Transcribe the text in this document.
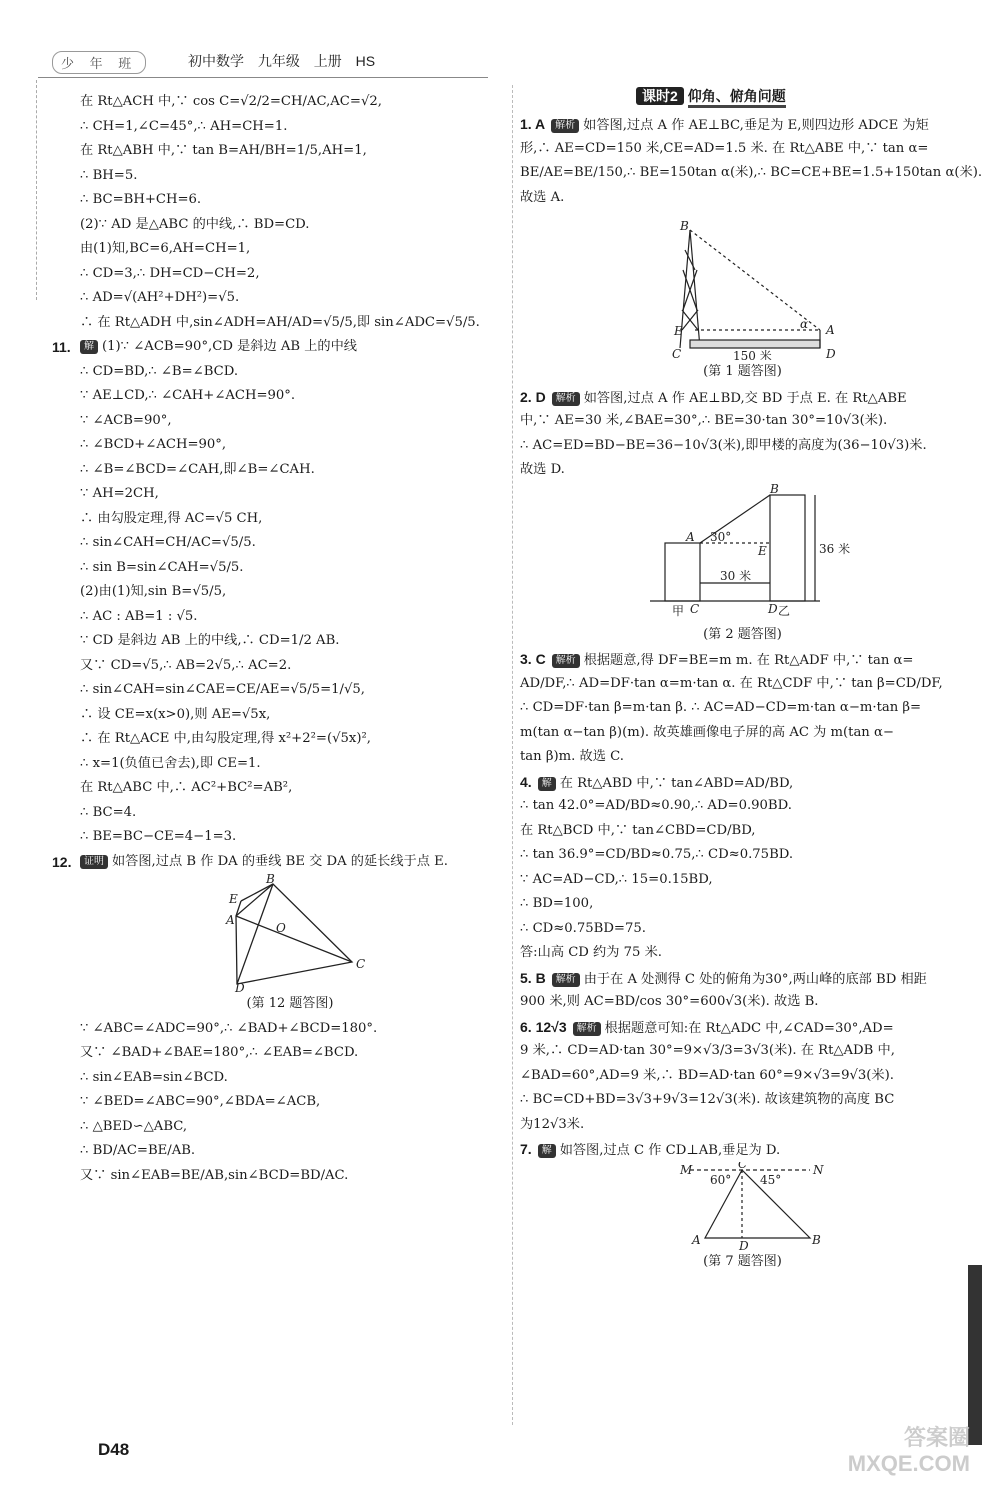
少 年 班	初中数学 九年级 上册 HS
课时2 仰角、俯角问题
在 Rt△ACH 中,∵ cos C=√2/2=CH/AC,AC=√2,
∴ CH=1,∠C=45°,∴ AH=CH=1.
在 Rt△ABH 中,∵ tan B=AH/BH=1/5,AH=1,
∴ BH=5.
∴ BC=BH+CH=6.
(2)∵ AD 是△ABC 的中线,∴ BD=CD.
由(1)知,BC=6,AH=CH=1,
∴ CD=3,∴ DH=CD−CH=2,
∴ AD=√(AH²+DH²)=√5.
∴ 在 Rt△ADH 中,sin∠ADH=AH/AD=√5/5,即 sin∠ADC=√5/5.
11. 解 (1)∵ ∠ACB=90°,CD 是斜边 AB 上的中线
∴ CD=BD,∴ ∠B=∠BCD.
∵ AE⊥CD,∴ ∠CAH+∠ACH=90°.
∵ ∠ACB=90°,
∴ ∠BCD+∠ACH=90°,
∴ ∠B=∠BCD=∠CAH,即∠B=∠CAH.
∵ AH=2CH,
∴ 由勾股定理,得 AC=√5 CH,
∴ sin∠CAH=CH/AC=√5/5.
∴ sin B=sin∠CAH=√5/5.
(2)由(1)知,sin B=√5/5,
∴ AC : AB=1 : √5.
∵ CD 是斜边 AB 上的中线,∴ CD=1/2 AB.
又∵ CD=√5,∴ AB=2√5,∴ AC=2.
∴ sin∠CAH=sin∠CAE=CE/AE=√5/5=1/√5,
∴ 设 CE=x(x>0),则 AE=√5x,
∴ 在 Rt△ACE 中,由勾股定理,得 x²+2²=(√5x)²,
∴ x=1(负值已舍去),即 CE=1.
在 Rt△ABC 中,∴ AC²+BC²=AB²,
∴ BC=4.
∴ BE=BC−CE=4−1=3.
12. 证明 如答图,过点 B 作 DA 的垂线 BE 交 DA 的延长线于点 E.
B
E
A
O
C
D
(第 12 题答图)
∵ ∠ABC=∠ADC=90°,∴ ∠BAD+∠BCD=180°.
又∵ ∠BAD+∠BAE=180°,∴ ∠EAB=∠BCD.
∴ sin∠EAB=sin∠BCD.
∵ ∠BED=∠ABC=90°,∠BDA=∠ACB,
∴ △BED∽△ABC,
∴ BD/AC=BE/AB.
又∵ sin∠EAB=BE/AB,sin∠BCD=BD/AC.
1. A 解析 如答图,过点 A 作 AE⊥BC,垂足为 E,则四边形 ADCE 为矩
形,∴ AE=CD=150 米,CE=AD=1.5 米. 在 Rt△ABE 中,∵ tan α=
BE/AE=BE/150,∴ BE=150tan α(米),∴ BC=CE+BE=1.5+150tan α(米).
故选 A.
B
E
C
A
D
α
150 米
(第 1 题答图)
2. D 解析 如答图,过点 A 作 AE⊥BD,交 BD 于点 E. 在 Rt△ABE
中,∵ AE=30 米,∠BAE=30°,∴ BE=30·tan 30°=10√3(米).
∴ AC=ED=BD−BE=36−10√3(米),即甲楼的高度为(36−10√3)米.
故选 D.
B
A
E
C	D
30°
30 米
36 米
甲	乙
(第 2 题答图)
3. C 解析 根据题意,得 DF=BE=m m. 在 Rt△ADF 中,∵ tan α=
AD/DF,∴ AD=DF·tan α=m·tan α. 在 Rt△CDF 中,∵ tan β=CD/DF,
∴ CD=DF·tan β=m·tan β. ∴ AC=AD−CD=m·tan α−m·tan β=
m(tan α−tan β)(m). 故英雄画像电子屏的高 AC 为 m(tan α−
tan β)m. 故选 C.
4. 解 在 Rt△ABD 中,∵ tan∠ABD=AD/BD,
∴ tan 42.0°=AD/BD≈0.90,∴ AD=0.90BD.
在 Rt△BCD 中,∵ tan∠CBD=CD/BD,
∴ tan 36.9°=CD/BD≈0.75,∴ CD≈0.75BD.
∵ AC=AD−CD,∴ 15=0.15BD,
∴ BD=100,
∴ CD≈0.75BD=75.
答:山高 CD 约为 75 米.
5. B 解析 由于在 A 处测得 C 处的俯角为30°,两山峰的底部 BD 相距
900 米,则 AC=BD/cos 30°=600√3(米). 故选 B.
6. 12√3 解析 根据题意可知:在 Rt△ADC 中,∠CAD=30°,AD=
9 米,∴ CD=AD·tan 30°=9×√3/3=3√3(米). 在 Rt△ADB 中,
∠BAD=60°,AD=9 米,∴ BD=AD·tan 60°=9×√3=9√3(米).
∴ BC=CD+BD=3√3+9√3=12√3(米). 故该建筑物的高度 BC
为12√3米.
7. 解 如答图,过点 C 作 CD⊥AB,垂足为 D.
M	C	N
A	D	B
60° 45°
(第 7 题答图)
D48	答案圈
MXQE.COM
